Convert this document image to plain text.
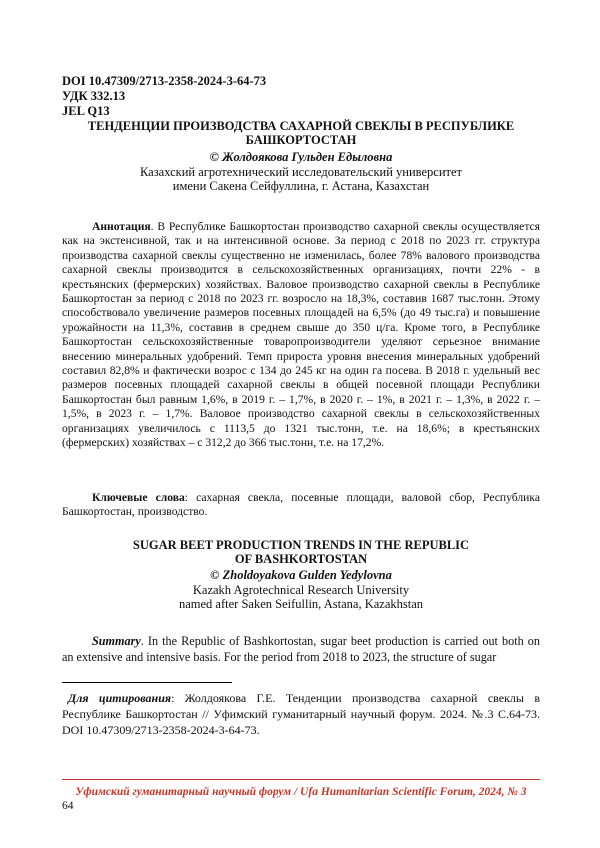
DOI 10.47309/2713-2358-2024-3-64-73
УДК 332.13
JEL Q13
ТЕНДЕНЦИИ ПРОИЗВОДСТВА САХАРНОЙ СВЕКЛЫ В РЕСПУБЛИКЕ
БАШКОРТОСТАН
© Жолдоякова Гульден Едыловна
Казахский агротехнический исследовательский университет
имени Сакена Сейфуллина, г. Астана, Казахстан

Аннотация. В Республике Башкортостан производство сахарной свеклы осуществляется как на экстенсивной, так и на интенсивной основе. За период с 2018 по 2023 гг. структура производства сахарной свеклы существенно не изменилась, более 78% валового производства сахарной свеклы производится в сельскохозяйственных организациях, почти 22% - в крестьянских (фермерских) хозяйствах. Валовое производство сахарной свеклы в Республике Башкортостан за период с 2018 по 2023 гг. возросло на 18,3%, составив 1687 тыс.тонн. Этому способствовало увеличение размеров посевных площадей на 6,5% (до 49 тыс.га) и повышение урожайности на 11,3%, составив в среднем свыше до 350 ц/га. Кроме того, в Республике Башкортостан сельскохозяйственные товаропроизводители уделяют серьезное внимание внесению минеральных удобрений. Темп прироста уровня внесения минеральных удобрений составил 82,8% и фактически возрос с 134 до 245 кг на один га посева. В 2018 г. удельный вес размеров посевных площадей сахарной свеклы в общей посевной площади Республики Башкортостан был равным 1,6%, в 2019 г. – 1,7%, в 2020 г. – 1%, в 2021 г. – 1,3%, в 2022 г. – 1,5%, в 2023 г. – 1,7%. Валовое производство сахарной свеклы в сельскохозяйственных организациях увеличилось с 1113,5 до 1321 тыс.тонн, т.е. на 18,6%; в крестьянских (фермерских) хозяйствах – с 312,2 до 366 тыс.тонн, т.е. на 17,2%.

Ключевые слова: сахарная свекла, посевные площади, валовой сбор, Республика Башкортостан, производство.

SUGAR BEET PRODUCTION TRENDS IN THE REPUBLIC
OF BASHKORTOSTAN
© Zholdoyakova Gulden Yedylovna
Kazakh Agrotechnical Research University
named after Saken Seifullin, Astana, Kazakhstan

Summary. In the Republic of Bashkortostan, sugar beet production is carried out both on an extensive and intensive basis. For the period from 2018 to 2023, the structure of sugar

Для цитирования: Жолдоякова Г.Е. Тенденции производства сахарной свеклы в Республике Башкортостан // Уфимский гуманитарный научный форум. 2024. №.3 С.64-73. DOI 10.47309/2713-2358-2024-3-64-73.

Уфимский гуманитарный научный форум / Ufa Humanitarian Scientific Forum, 2024, № 3
64
